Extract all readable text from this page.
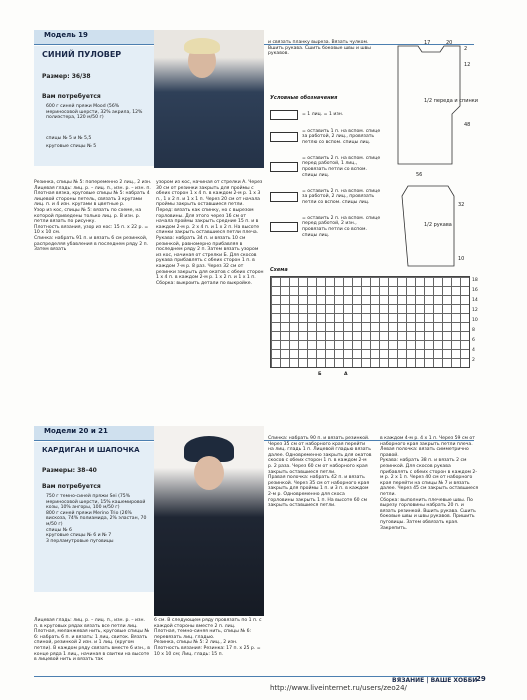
Модель 19
СИНИЙ ПУЛОВЕР
Размер: 36/38
Вам потребуется
600 г синей пряжи Mood (56% мериносовой шерсти, 32% акрила, 12% полиэстера, 120 м/50 г)
спицы № 5 и № 5,5
круговые спицы № 5
Резинка, спицы № 5: попеременно 2 лиц., 2 изн.
Лицевая гладь: лиц. р. – лиц. п., изн. р. – изн. п.
Плотная вязка, круговые спицы № 5: набрать 4 лицевой стороны петель, связать 3 кругами лиц. п. и 4 изн. кругами в цветные р.
Узор из кос, спицы № 5: вязать по схеме, на которой приведены только лиц. р. В изн. р. петли вязать по рисунку.
Плотность вязания, узор из кос: 15 п. х 22 р. = 10 х 10 см.
Спинка: набрать 91 п. и вязать 6 см резинкой, распределяя убавления в последнем ряду 2 п. Затем вязать
узором из кос, начиная от стрелки А. Через 30 см от резинки закрыть для проймы с обеих сторон 1 х 4 п. в каждом 2-м р. 1 х 3 п., 1 х 2 п. и 1 х 1 п. Через 20 см от начала проймы закрыть оставшиеся петли.
Перед: вязать как спинку, но с вырезом горловины. Для этого через 16 см от начала проймы закрыть средние 15 п. и в каждом 2-м р. 2 х 4 п. и 1 х 2 п. На высоте спинки закрыть оставшиеся петли плеча.
Рукава: набрать 34 п. и вязать 10 см резинкой, равномерно прибавляя в последнем ряду 2 п. Затем вязать узором из кос, начиная от стрелки Б. Для скосов рукава прибавлять с обеих сторон 1 п. в каждом 7-м р. 8 раз. Через 32 см от резинки закрыть для окатов с обеих сторон 1 х 4 п. в каждом 2-м р. 1 х 2 п. и 1 х 1 п.
Сборка: выкроить детали по выкройке.
и связать планку выреза. Вязать чулком. Вшить рукава. Сшить боковые швы и швы рукавов.
Условные обозначения
= 1 лиц. = 1 изн.
= оставить 1 п. на вспом. спице за работой, 2 лиц., провязать петлю со вспом. спицы лиц.
= оставить 2 п. на вспом. спице перед работой, 1 лиц., провязать петли со вспом. спицы лиц.
= оставить 2 п. на вспом. спице за работой, 2 лиц., провязать петли со вспом. спицы лиц.
= оставить 2 п. на вспом. спице перед работой, 2 изн., провязать петли со вспом. спицы лиц.
17	20
2
12
1/2 переда и спинки
48
56
1/2 рукава
32
10
Схема
18
16
14
12
10
8
6
4
2
Б	А
Модели 20 и 21
КАРДИГАН И ШАПОЧКА
Размеры: 38–40
Вам потребуется
750 г темно-синей пряжи Sei (75% мериносовой шерсти, 15% кашемировой козы, 10% ангоры, 100 м/50 г)
800 г синей пряжи Merino Trio (26% вискоза, 74% полиамида, 2% эластан, 70 м/50 г)
спицы № 6
круговые спицы № 6 и № 7
3 перламутровые пуговицы
Лицевая гладь: лиц. р. – лиц. п., изн. р. – изн. п. в круговых рядах вязать все петли лиц.
Плотная, меланжевая нить, круговые спицы № 6: набрать 6 п. и вязать: 1 лиц. свиток. Вязать спиной, резинкой 2 изн. и 1 лиц. (кругом петли). В каждом ряду связать вместе 6 изн., в конце ряда 1 лиц., начиная в свитки на высоте в лицевой нить и вязать так
6 см. В следующем ряду провязать по 1 п. с каждой стороны вместе 2 п. лиц.
Плотная, темно-синяя нить, спицы № 6: перевязать лиц. гладью.
Резинка, спицы № 5: 2 лиц., 2 изн.
Плотность вязания: Резинка: 17 п. х 25 р. = 10 х 10 см; Лиц. гладь: 15 п.
Спинка: набрать 90 п. и вязать резинкой. Через 35 см от наборного края перейти на лиц. гладь 1 п. Лицевой гладью вязать далее. Одновременно закрыть для окатов скосов с обеих сторон 1 п. в каждом 2-м р. 2 раза. Через 60 см от наборного края закрыть оставшиеся петли.
Правая полочка: набрать 42 п. и вязать резинкой. Через 35 см от наборного края закрыть для проймы 1 п. и 3 п. в каждом 2-м р. Одновременно для скоса горловины закрыть 1 п. На высоте 60 см закрыть оставшиеся петли.
в каждом 4-м р. 4 х 1 п. Через 59 см от наборного края закрыть петли плеча.
Левая полочка: вязать симметрично правой.
Рукава: набрать 38 п. и вязать 2 см резинкой. Для скосов рукава прибавлять с обеих сторон в каждом 2-м р. 2 х 1 п. Через 40 см от наборного края перейти на спицы № 7 и вязать далее. Через 45 см закрыть оставшиеся петли.
Сборка: выполнить плечевые швы. По вырезу горловины набрать 20 п. и вязать резинкой. Вшить рукава. Сшить боковые швы и швы рукавов. Пришить пуговицы. Затем обвязать края. Закрепить.
ВЯЗАНИЕ | ВАШЕ ХОББИ
29
http://www.liveinternet.ru/users/zeo24/
